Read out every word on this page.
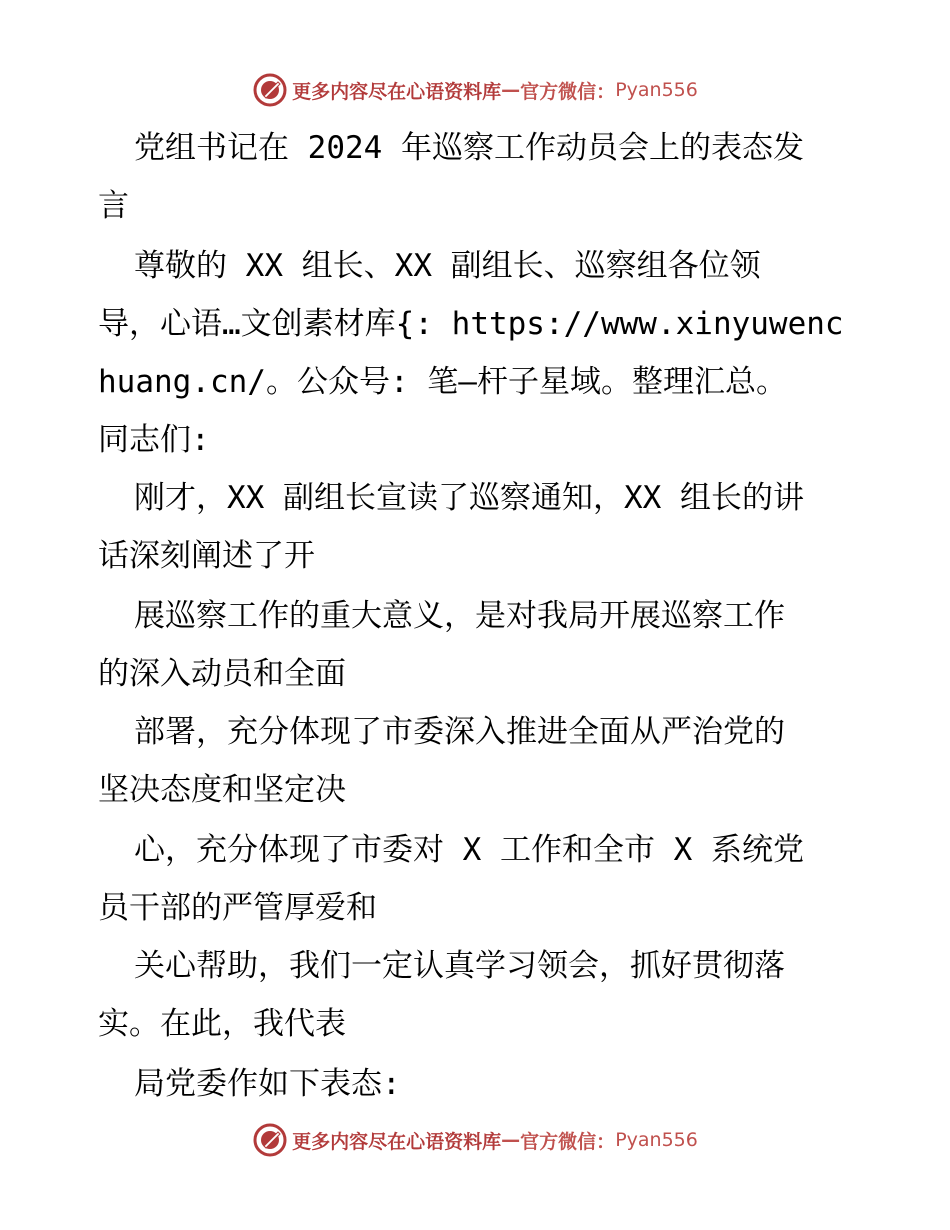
更多内容尽在心语资料库 — 官方微信： Pyan556
党组书记在 2024 年巡察工作动员会上的表态发
言
尊敬的 XX 组长、XX 副组长、巡察组各位领
导，心语…文创素材库{: https://www.xinyuwenc
huang.cn/。公众号: 笔—杆子星域。整理汇总。
同志们:
刚才，XX 副组长宣读了巡察通知，XX 组长的讲
话深刻阐述了开
展巡察工作的重大意义，是对我局开展巡察工作
的深入动员和全面
部署，充分体现了市委深入推进全面从严治党的
坚决态度和坚定决
心，充分体现了市委对 X 工作和全市 X 系统党
员干部的严管厚爱和
关心帮助，我们一定认真学习领会，抓好贯彻落
实。在此，我代表
局党委作如下表态:
更多内容尽在心语资料库 — 官方微信： Pyan556
